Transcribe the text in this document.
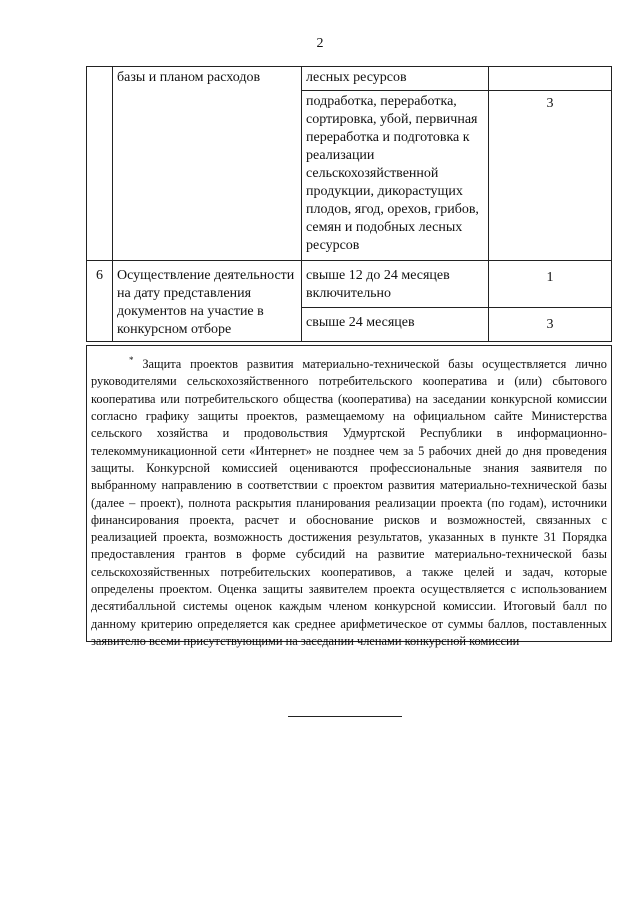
2
	базы и планом расходов	лесных ресурсов	
		подработка, переработка, сортировка, убой, первичная переработка и подготовка к реализации сельскохозяйственной продукции, дикорастущих плодов, ягод, орехов, грибов, семян и подобных лесных ресурсов	3
6	Осуществление деятельности на дату представления документов на участие в конкурсном отборе	свыше 12 до 24 месяцев включительно	1
		свыше 24 месяцев	3

* Защита проектов развития материально-технической базы осуществляется лично руководителями сельскохозяйственного потребительского кооператива и (или) сбытового кооператива или потребительского общества (кооператива) на заседании конкурсной комиссии согласно графику защиты проектов, размещаемому на официальном сайте Министерства сельского хозяйства и продовольствия Удмуртской Республики в информационно-телекоммуникационной сети «Интернет» не позднее чем за 5 рабочих дней до дня проведения защиты. Конкурсной комиссией оцениваются профессиональные знания заявителя по выбранному направлению в соответствии с проектом развития материально-технической базы (далее – проект), полнота раскрытия планирования реализации проекта (по годам), источники финансирования проекта, расчет и обоснование рисков и возможностей, связанных с реализацией проекта, возможность достижения результатов, указанных в пункте 31 Порядка предоставления грантов в форме субсидий на развитие материально-технической базы сельскохозяйственных потребительских кооперативов, а также целей и задач, которые определены проектом. Оценка защиты заявителем проекта осуществляется с использованием десятибалльной системы оценок каждым членом конкурсной комиссии. Итоговый балл по данному критерию определяется как среднее арифметическое от суммы баллов, поставленных заявителю всеми присутствующими на заседании членами конкурсной комиссии
